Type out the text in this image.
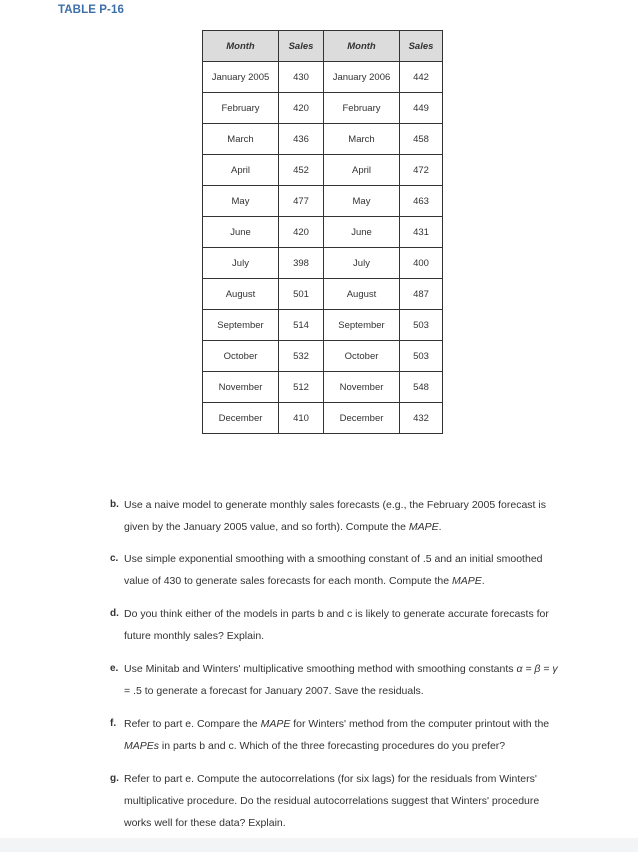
TABLE P-16
Month	Sales	Month	Sales
January 2005	430	January 2006	442
February	420	February	449
March	436	March	458
April	452	April	472
May	477	May	463
June	420	June	431
July	398	July	400
August	501	August	487
September	514	September	503
October	532	October	503
November	512	November	548
December	410	December	432

b. Use a naive model to generate monthly sales forecasts (e.g., the February 2005 forecast is
given by the January 2005 value, and so forth). Compute the MAPE.

c. Use simple exponential smoothing with a smoothing constant of .5 and an initial smoothed
value of 430 to generate sales forecasts for each month. Compute the MAPE.

d. Do you think either of the models in parts b and c is likely to generate accurate forecasts for
future monthly sales? Explain.

e. Use Minitab and Winters' multiplicative smoothing method with smoothing constants α = β = γ
= .5 to generate a forecast for January 2007. Save the residuals.

f. Refer to part e. Compare the MAPE for Winters' method from the computer printout with the
MAPEs in parts b and c. Which of the three forecasting procedures do you prefer?

g. Refer to part e. Compute the autocorrelations (for six lags) for the residuals from Winters'
multiplicative procedure. Do the residual autocorrelations suggest that Winters' procedure
works well for these data? Explain.
